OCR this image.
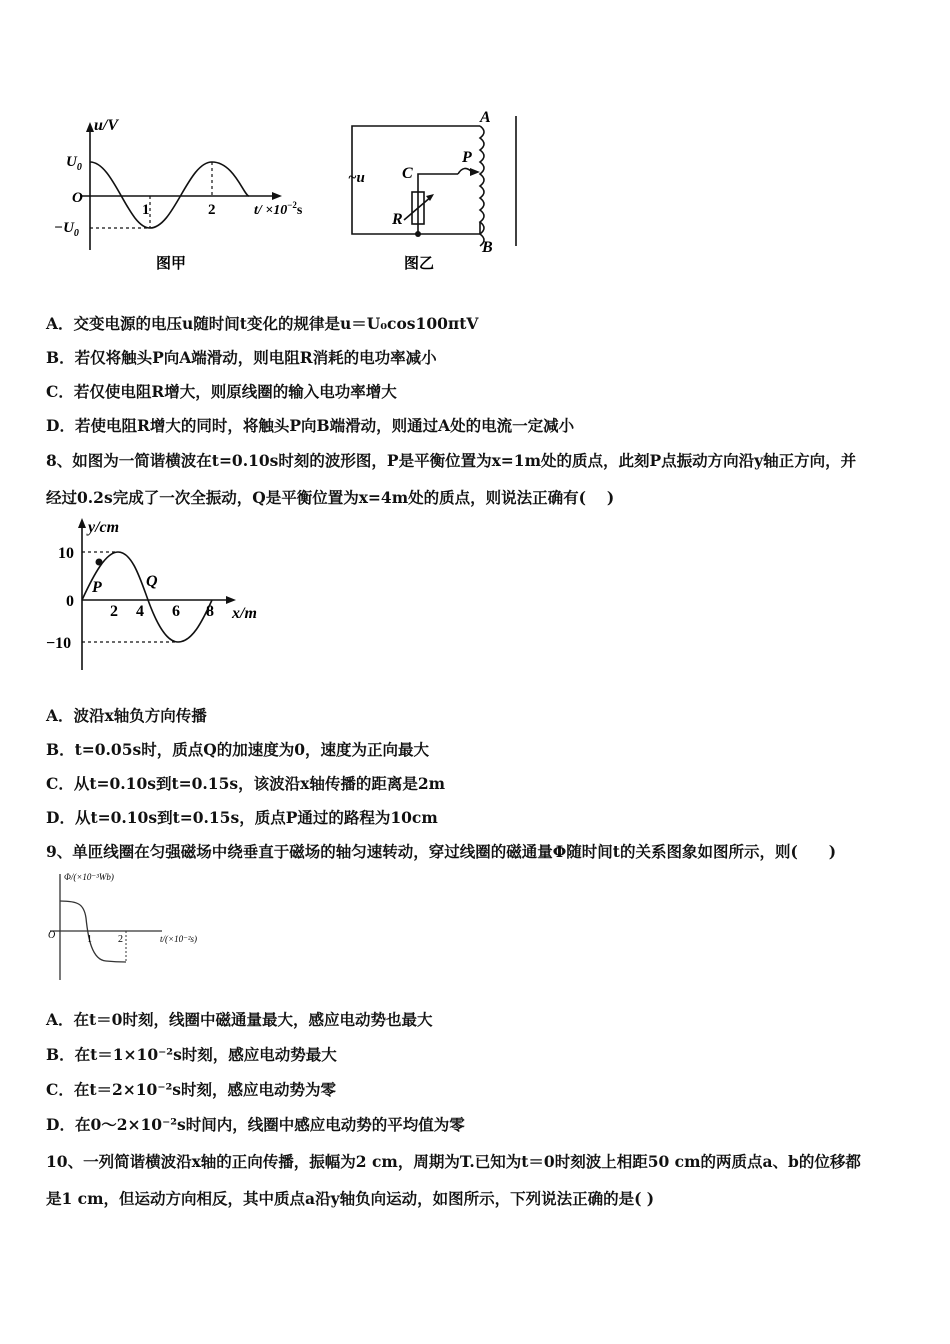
u/V
$U_0$
O
$-U_0$
1	2	$t/ \times 10^{-2}s$
图甲
A
B
C
P
R
~u
图乙
A．交变电源的电压u随时间t变化的规律是u＝U₀cos100πtV
B．若仅将触头P向A端滑动，则电阻R消耗的电功率减小
C．若仅使电阻R增大，则原线圈的输入电功率增大
D．若使电阻R增大的同时，将触头P向B端滑动，则通过A处的电流一定减小
8、如图为一简谐横波在t=0.10s时刻的波形图，P是平衡位置为x=1m处的质点，此刻P点振动方向沿y轴正方向，并
经过0.2s完成了一次全振动，Q是平衡位置为x=4m处的质点，则说法正确有(　 )
y/cm
10
0
−10
P	Q
2 4 6 8 x/m
A．波沿x轴负方向传播
B．t=0.05s时，质点Q的加速度为0，速度为正向最大
C．从t=0.10s到t=0.15s，该波沿x轴传播的距离是2m
D．从t=0.10s到t=0.15s，质点P通过的路程为10cm
9、单匝线圈在匀强磁场中绕垂直于磁场的轴匀速转动，穿过线圈的磁通量Φ随时间t的关系图象如图所示，则(　　)
Φ/(×10⁻³Wb)
O	1	2	t/(×10⁻²s)
A．在t＝0时刻，线圈中磁通量最大，感应电动势也最大
B．在t＝1×10⁻²s时刻，感应电动势最大
C．在t＝2×10⁻²s时刻，感应电动势为零
D．在0～2×10⁻²s时间内，线圈中感应电动势的平均值为零
10、一列简谐横波沿x轴的正向传播，振幅为2 cm，周期为T.已知为t＝0时刻波上相距50 cm的两质点a、b的位移都
是1 cm，但运动方向相反，其中质点a沿y轴负向运动，如图所示，下列说法正确的是( )
